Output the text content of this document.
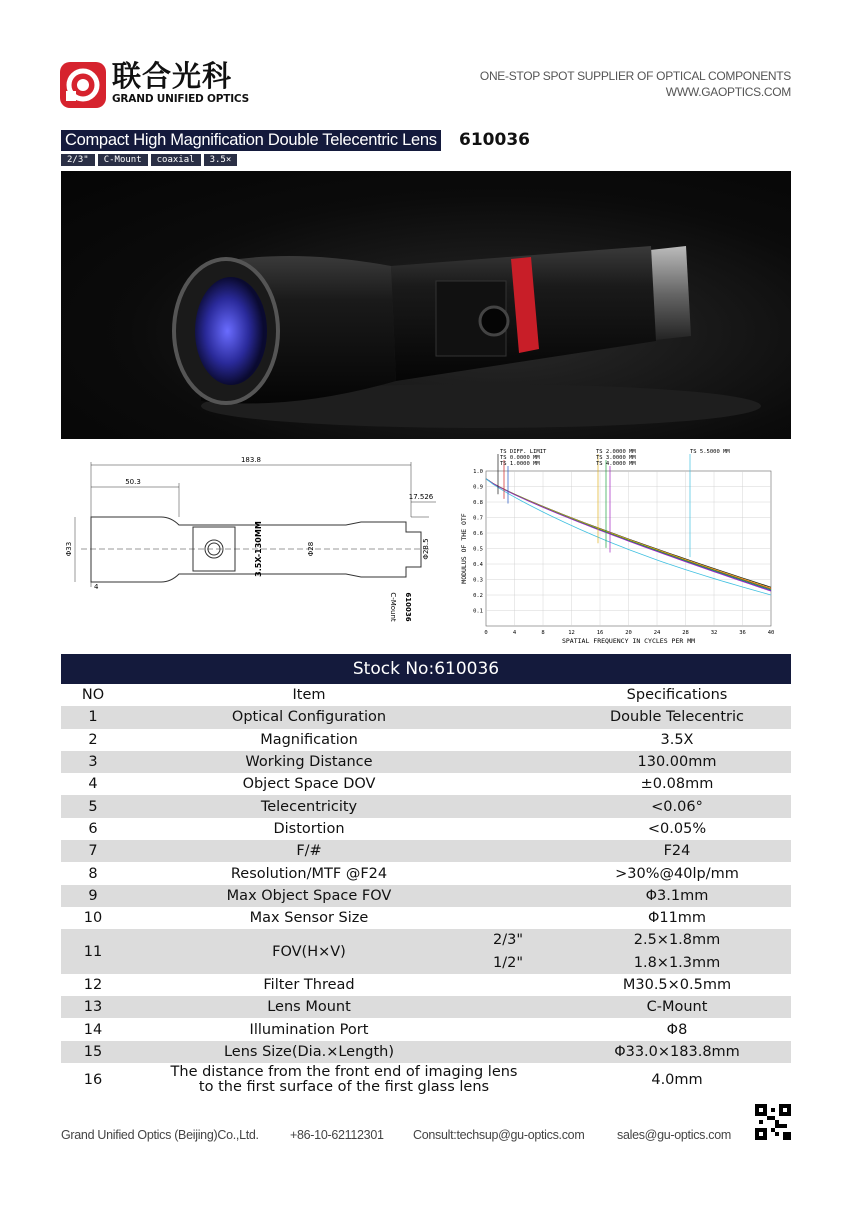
联合光科
GRAND UNIFIED OPTICS
ONE-STOP SPOT SUPPLIER OF OPTICAL COMPONENTS
WWW.GAOPTICS.COM
Compact High Magnification Double Telecentric Lens 610036
2/3"	C-Mount	coaxial	3.5×
183.8
50.3
17.526
Φ33	Φ28	Φ28.5
4
3.5X-130MM
C-Mount 610036
1.0
0.9
0.8
0.7
0.6
0.5
0.4
0.3
0.2
0.1
0	4	8	12	16	20	24	28	32	36	40
MODULUS OF THE OTF
SPATIAL FREQUENCY IN CYCLES PER MM
TS DIFF. LIMIT
TS 0.0000 MM
TS 1.0000 MM
TS 2.0000 MM
TS 3.0000 MM
TS 4.0000 MM
TS 5.5000 MM
Stock No:610036
NO	Item		Specifications
1	Optical Configuration		Double Telecentric
2	Magnification		3.5X
3	Working Distance		130.00mm
4	Object Space DOV		±0.08mm
5	Telecentricity		<0.06°
6	Distortion		<0.05%
7	F/#		F24
8	Resolution/MTF @F24		>30%@40lp/mm
9	Max Object Space FOV		Φ3.1mm
10	Max Sensor Size		Φ11mm
11	FOV(H×V)	2/3"	2.5×1.8mm
		1/2"	1.8×1.3mm
12	Filter Thread		M30.5×0.5mm
13	Lens Mount		C-Mount
14	Illumination Port		Φ8
15	Lens Size(Dia.×Length)		Φ33.0×183.8mm
16	The distance from the front end of imaging lens
to the first surface of the first glass lens		4.0mm
Grand Unified Optics (Beijing)Co.,Ltd.	+86-10-62112301 Consult:techsup@gu-optics.com	sales@gu-optics.com
